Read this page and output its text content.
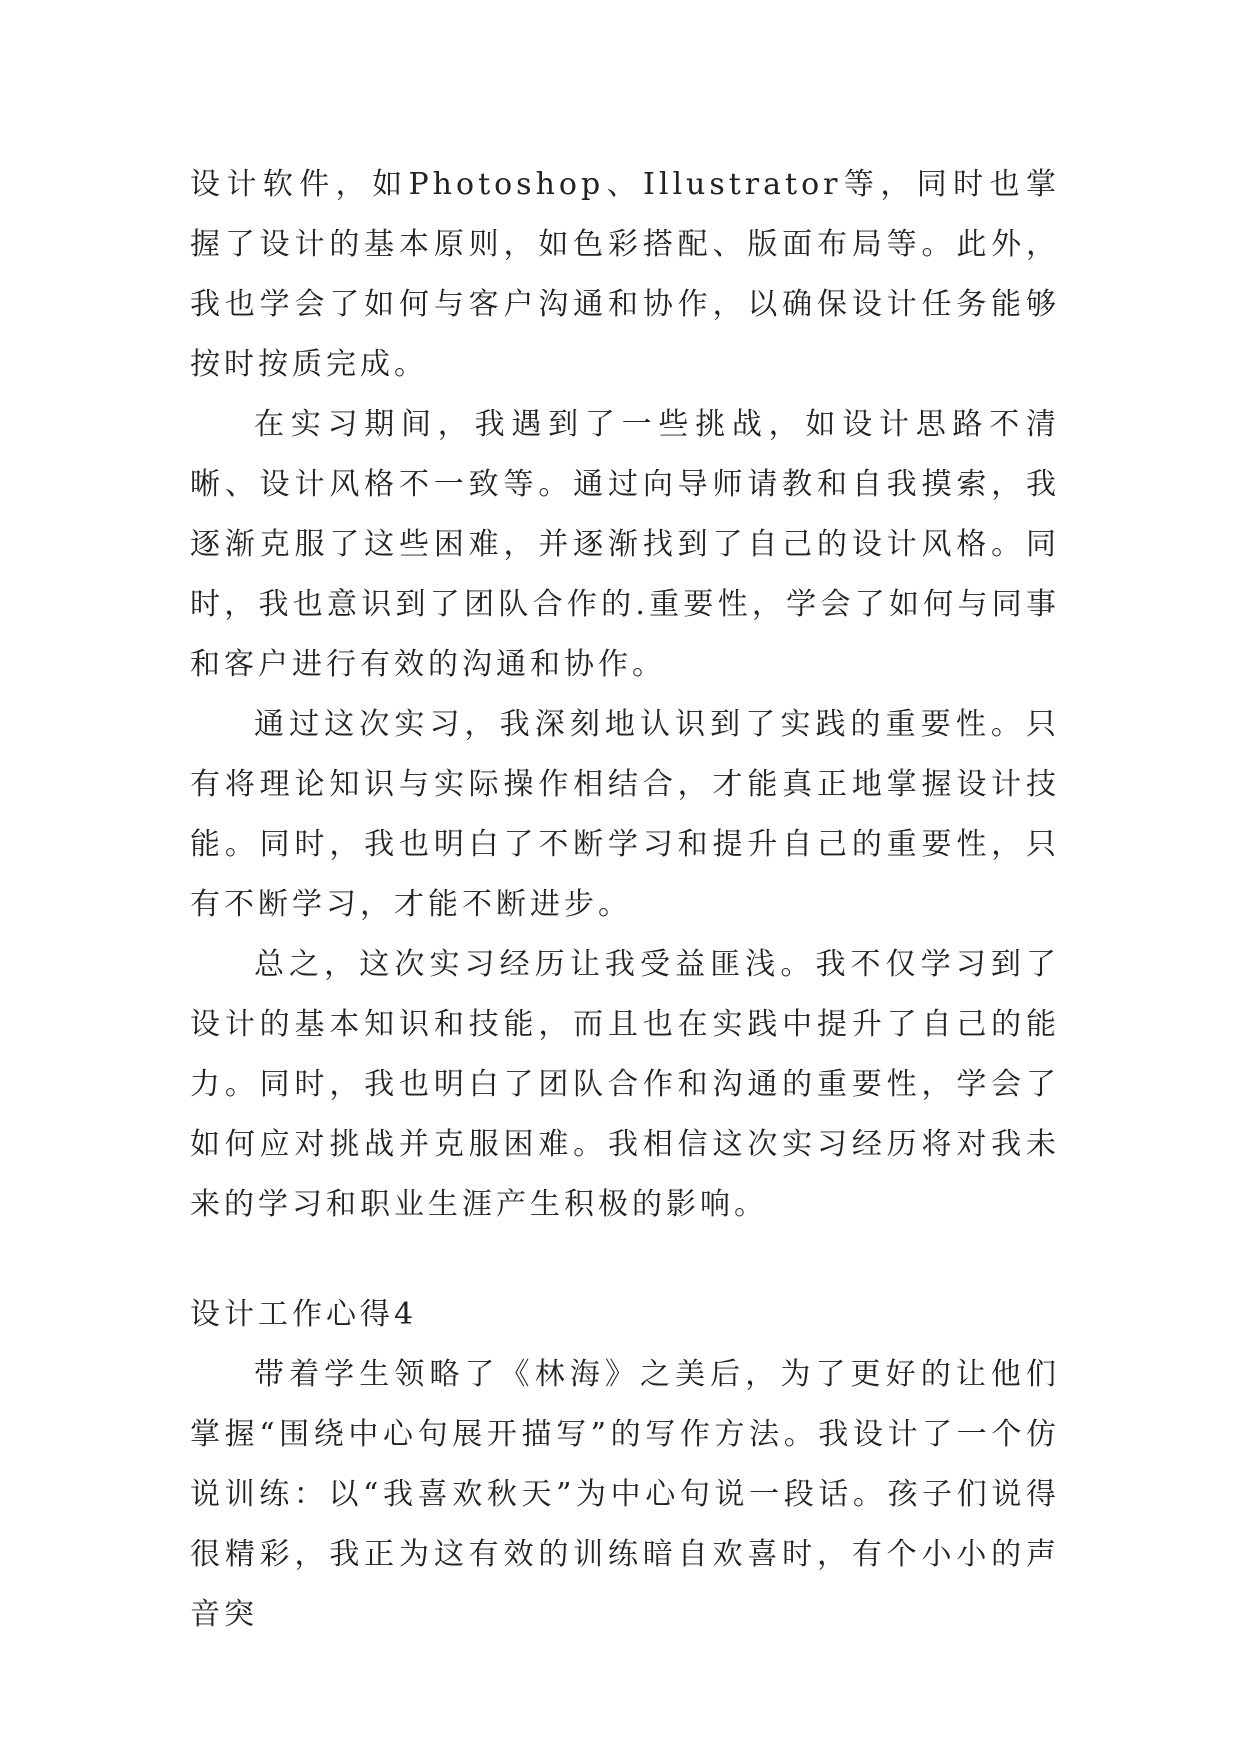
设计软件，如Photoshop、Illustrator等，同时也掌握了设计的基本原则，如色彩搭配、版面布局等。此外，我也学会了如何与客户沟通和协作，以确保设计任务能够按时按质完成。

在实习期间，我遇到了一些挑战，如设计思路不清晰、设计风格不一致等。通过向导师请教和自我摸索，我逐渐克服了这些困难，并逐渐找到了自己的设计风格。同时，我也意识到了团队合作的.重要性，学会了如何与同事和客户进行有效的沟通和协作。

通过这次实习，我深刻地认识到了实践的重要性。只有将理论知识与实际操作相结合，才能真正地掌握设计技能。同时，我也明白了不断学习和提升自己的重要性，只有不断学习，才能不断进步。

总之，这次实习经历让我受益匪浅。我不仅学习到了设计的基本知识和技能，而且也在实践中提升了自己的能力。同时，我也明白了团队合作和沟通的重要性，学会了如何应对挑战并克服困难。我相信这次实习经历将对我未来的学习和职业生涯产生积极的影响。

设计工作心得4

带着学生领略了《林海》之美后，为了更好的让他们掌握“围绕中心句展开描写”的写作方法。我设计了一个仿说训练：以“我喜欢秋天”为中心句说一段话。孩子们说得很精彩，我正为这有效的训练暗自欢喜时，有个小小的声音突
